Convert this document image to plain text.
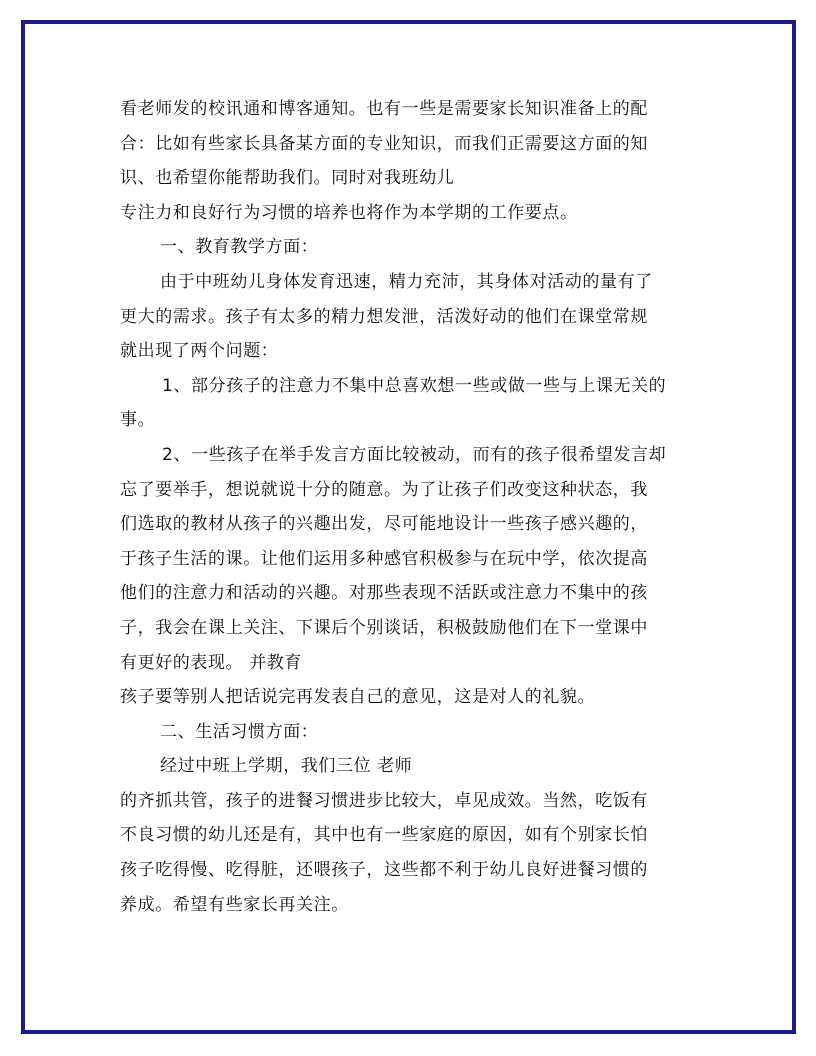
看老师发的校讯通和博客通知。也有一些是需要家长知识准备上的配
合：比如有些家长具备某方面的专业知识，而我们正需要这方面的知
识、也希望你能帮助我们。同时对我班幼儿
专注力和良好行为习惯的培养也将作为本学期的工作要点。
一、教育教学方面：
由于中班幼儿身体发育迅速，精力充沛，其身体对活动的量有了
更大的需求。孩子有太多的精力想发泄，活泼好动的他们在课堂常规
就出现了两个问题：
1、部分孩子的注意力不集中总喜欢想一些或做一些与上课无关的
事。
2、一些孩子在举手发言方面比较被动，而有的孩子很希望发言却
忘了要举手，想说就说十分的随意。为了让孩子们改变这种状态，我
们选取的教材从孩子的兴趣出发，尽可能地设计一些孩子感兴趣的，
于孩子生活的课。让他们运用多种感官积极参与在玩中学，依次提高
他们的注意力和活动的兴趣。对那些表现不活跃或注意力不集中的孩
子，我会在课上关注、下课后个别谈话，积极鼓励他们在下一堂课中
有更好的表现。 并教育
孩子要等别人把话说完再发表自己的意见，这是对人的礼貌。
二、生活习惯方面：
经过中班上学期，我们三位 老师
的齐抓共管，孩子的进餐习惯进步比较大，卓见成效。当然，吃饭有
不良习惯的幼儿还是有，其中也有一些家庭的原因，如有个别家长怕
孩子吃得慢、吃得脏，还喂孩子，这些都不利于幼儿良好进餐习惯的
养成。希望有些家长再关注。
